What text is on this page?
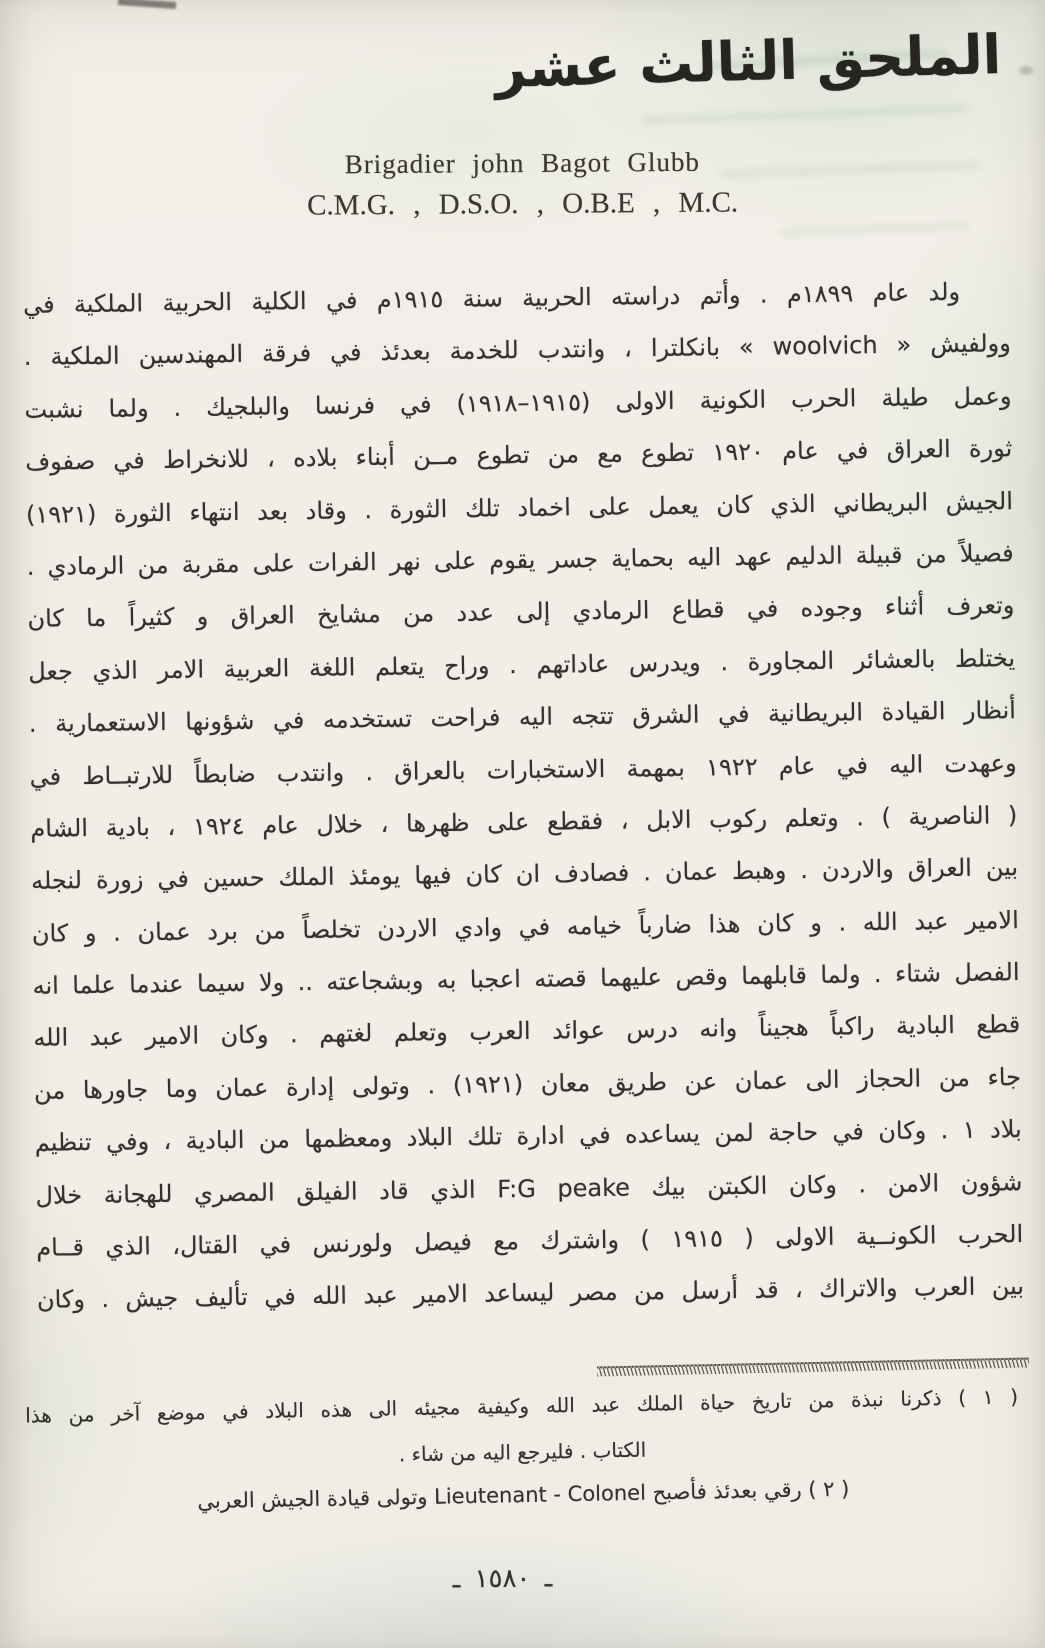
الملحق الثالث عشر
Brigadier john Bagot Glubb
C.M.G. , D.S.O. , O.B.E , M.C.
ولد عام ١٨٩٩م . وأتم دراسته الحربية سنة ١٩١٥م في الكلية الحربية الملكية في
وولفيش « woolvich » بانكلترا ، وانتدب للخدمة بعدئذ في فرقة المهندسين الملكية .
وعمل طيلة الحرب الكونية الاولى (١٩١٥–١٩١٨) في فرنسا والبلجيك . ولما نشبت
ثورة العراق في عام ١٩٢٠ تطوع مع من تطوع مــن أبناء بلاده ، للانخراط في صفوف
الجيش البريطاني الذي كان يعمل على اخماد تلك الثورة . وقاد بعد انتهاء الثورة (١٩٢١)
فصيلاً من قبيلة الدليم عهد اليه بحماية جسر يقوم على نهر الفرات على مقربة من الرمادي .
وتعرف أثناء وجوده في قطاع الرمادي إلى عدد من مشايخ العراق و كثيراً ما كان
يختلط بالعشائر المجاورة . ويدرس عاداتهم . وراح يتعلم اللغة العربية الامر الذي جعل
أنظار القيادة البريطانية في الشرق تتجه اليه فراحت تستخدمه في شؤونها الاستعمارية .
وعهدت اليه في عام ١٩٢٢ بمهمة الاستخبارات بالعراق . وانتدب ضابطاً للارتبــاط في
( الناصرية ) . وتعلم ركوب الابل ، فقطع على ظهرها ، خلال عام ١٩٢٤ ، بادية الشام
بين العراق والاردن . وهبط عمان . فصادف ان كان فيها يومئذ الملك حسين في زورة لنجله
الامير عبد الله . و كان هذا ضارباً خيامه في وادي الاردن تخلصاً من برد عمان . و كان
الفصل شتاء . ولما قابلهما وقص عليهما قصته اعجبا به وبشجاعته .. ولا سيما عندما علما انه
قطع البادية راكباً هجيناً وانه درس عوائد العرب وتعلم لغتهم . وكان الامير عبد الله
جاء من الحجاز الى عمان عن طريق معان (١٩٢١) . وتولى إدارة عمان وما جاورها من
بلاد ١ . وكان في حاجة لمن يساعده في ادارة تلك البلاد ومعظمها من البادية ، وفي تنظيم
شؤون الامن . وكان الكبتن بيك F:G peake الذي قاد الفيلق المصري للهجانة خلال
الحرب الكونــية الاولى ( ١٩١٥ ) واشترك مع فيصل ولورنس في القتال، الذي قــام
بين العرب والاتراك ، قد أرسل من مصر ليساعد الامير عبد الله في تأليف جيش . وكان
( ١ ) ذكرنا نبذة من تاريخ حياة الملك عبد الله وكيفية مجيئه الى هذه البلاد في موضع آخر من هذا
الكتاب . فليرجع اليه من شاء .
( ٢ ) رقي بعدئذ فأصبح Lieutenant - Colonel وتولى قيادة الجيش العربي
ـ ١٥٨٠ ـ
